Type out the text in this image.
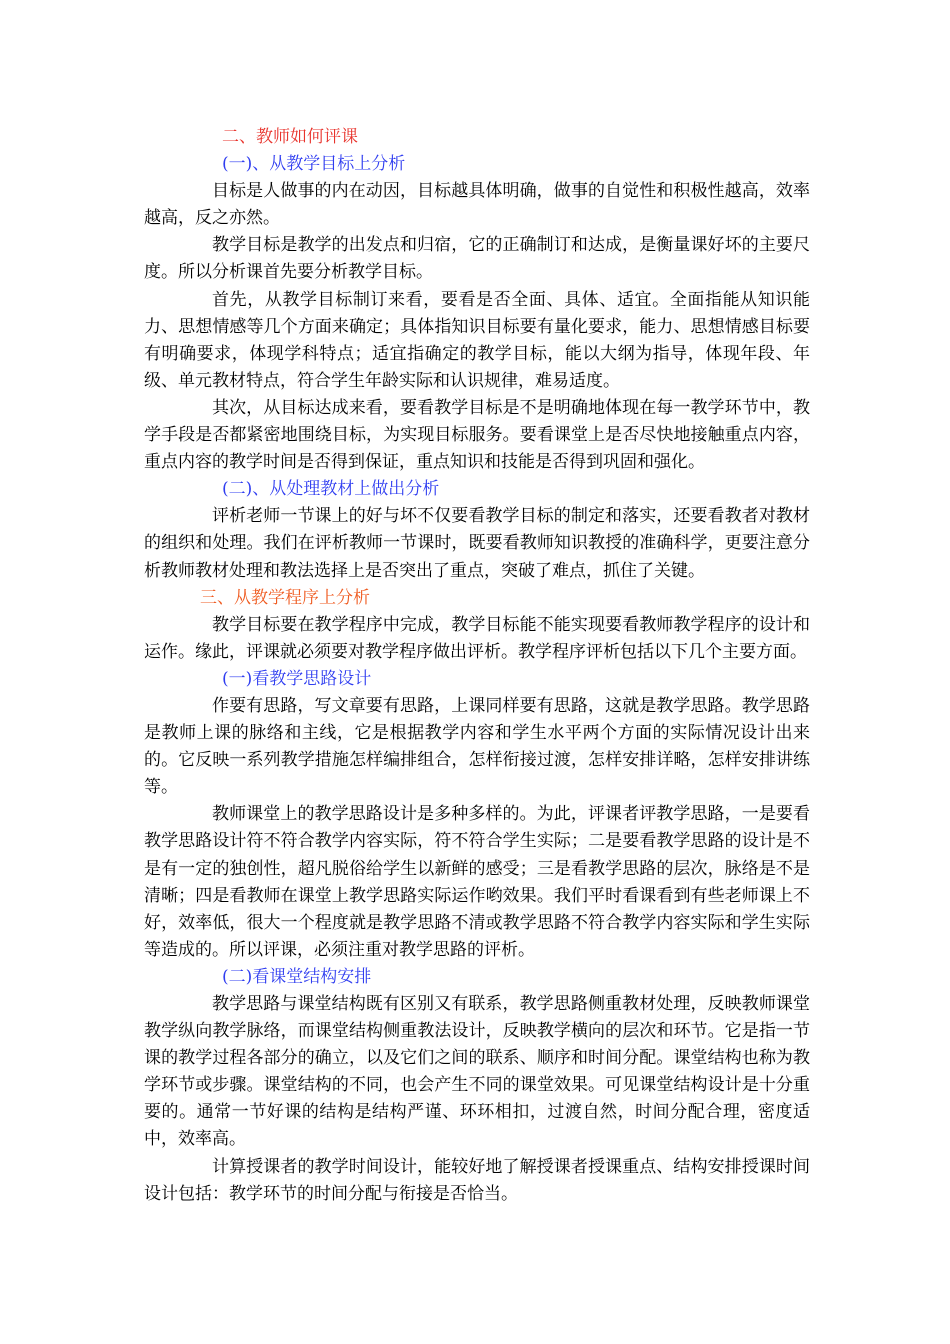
二、教师如何评课

(一)、从教学目标上分析

目标是人做事的内在动因，目标越具体明确，做事的自觉性和积极性越高，效率越高，反之亦然。

教学目标是教学的出发点和归宿，它的正确制订和达成，是衡量课好坏的主要尺度。所以分析课首先要分析教学目标。

首先，从教学目标制订来看，要看是否全面、具体、适宜。全面指能从知识能力、思想情感等几个方面来确定；具体指知识目标要有量化要求，能力、思想情感目标要有明确要求，体现学科特点；适宜指确定的教学目标，能以大纲为指导，体现年段、年级、单元教材特点，符合学生年龄实际和认识规律，难易适度。

其次，从目标达成来看，要看教学目标是不是明确地体现在每一教学环节中，教学手段是否都紧密地围绕目标，为实现目标服务。要看课堂上是否尽快地接触重点内容，重点内容的教学时间是否得到保证，重点知识和技能是否得到巩固和强化。

(二)、从处理教材上做出分析

评析老师一节课上的好与坏不仅要看教学目标的制定和落实，还要看教者对教材的组织和处理。我们在评析教师一节课时，既要看教师知识教授的准确科学，更要注意分析教师教材处理和教法选择上是否突出了重点，突破了难点，抓住了关键。

三、从教学程序上分析

教学目标要在教学程序中完成，教学目标能不能实现要看教师教学程序的设计和运作。缘此，评课就必须要对教学程序做出评析。教学程序评析包括以下几个主要方面。

(一)看教学思路设计

作要有思路，写文章要有思路，上课同样要有思路，这就是教学思路。教学思路是教师上课的脉络和主线，它是根据教学内容和学生水平两个方面的实际情况设计出来的。它反映一系列教学措施怎样编排组合，怎样衔接过渡，怎样安排详略，怎样安排讲练等。

教师课堂上的教学思路设计是多种多样的。为此，评课者评教学思路，一是要看教学思路设计符不符合教学内容实际，符不符合学生实际；二是要看教学思路的设计是不是有一定的独创性，超凡脱俗给学生以新鲜的感受；三是看教学思路的层次，脉络是不是清晰；四是看教师在课堂上教学思路实际运作哟效果。我们平时看课看到有些老师课上不好，效率低，很大一个程度就是教学思路不清或教学思路不符合教学内容实际和学生实际等造成的。所以评课，必须注重对教学思路的评析。

(二)看课堂结构安排

教学思路与课堂结构既有区别又有联系，教学思路侧重教材处理，反映教师课堂教学纵向教学脉络，而课堂结构侧重教法设计，反映教学横向的层次和环节。它是指一节课的教学过程各部分的确立，以及它们之间的联系、顺序和时间分配。课堂结构也称为教学环节或步骤。课堂结构的不同，也会产生不同的课堂效果。可见课堂结构设计是十分重要的。通常一节好课的结构是结构严谨、环环相扣，过渡自然，时间分配合理，密度适中，效率高。

计算授课者的教学时间设计，能较好地了解授课者授课重点、结构安排授课时间设计包括：教学环节的时间分配与衔接是否恰当。
